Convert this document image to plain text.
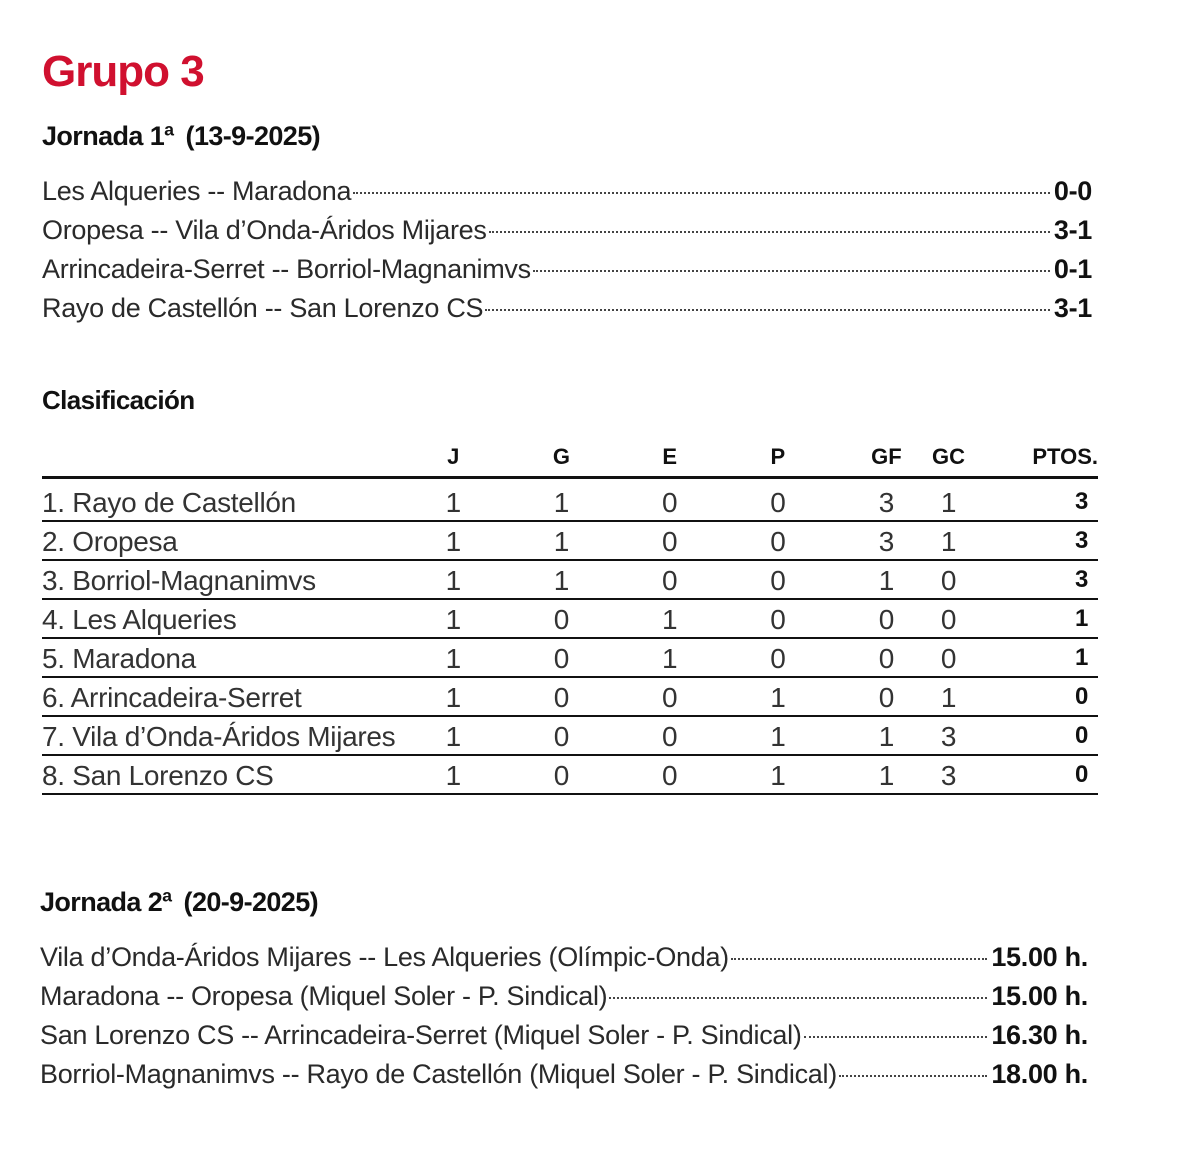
Grupo 3
Jornada 1ª (13-9-2025)
Les Alqueries -- Maradona	0-0
Oropesa -- Vila d’Onda-Áridos Mijares	3-1
Arrincadeira-Serret -- Borriol-Magnanimvs	0-1
Rayo de Castellón -- San Lorenzo CS	3-1
Clasificación
	J	G	E	P	GF	GC	PTOS.

1. Rayo de Castellón	1	1	0	0	3	1	3
2. Oropesa	1	1	0	0	3	1	3
3. Borriol-Magnanimvs	1	1	0	0	1	0	3
4. Les Alqueries	1	0	1	0	0	0	1
5. Maradona	1	0	1	0	0	0	1
6. Arrincadeira-Serret	1	0	0	1	0	1	0
7. Vila d’Onda-Áridos Mijares	1	0	0	1	1	3	0
8. San Lorenzo CS	1	0	0	1	1	3	0
Jornada 2ª (20-9-2025)
Vila d’Onda-Áridos Mijares -- Les Alqueries (Olímpic-Onda)	15.00 h.
Maradona -- Oropesa (Miquel Soler - P. Sindical)	15.00 h.
San Lorenzo CS -- Arrincadeira-Serret (Miquel Soler - P. Sindical)	16.30 h.
Borriol-Magnanimvs -- Rayo de Castellón (Miquel Soler - P. Sindical)	18.00 h.
